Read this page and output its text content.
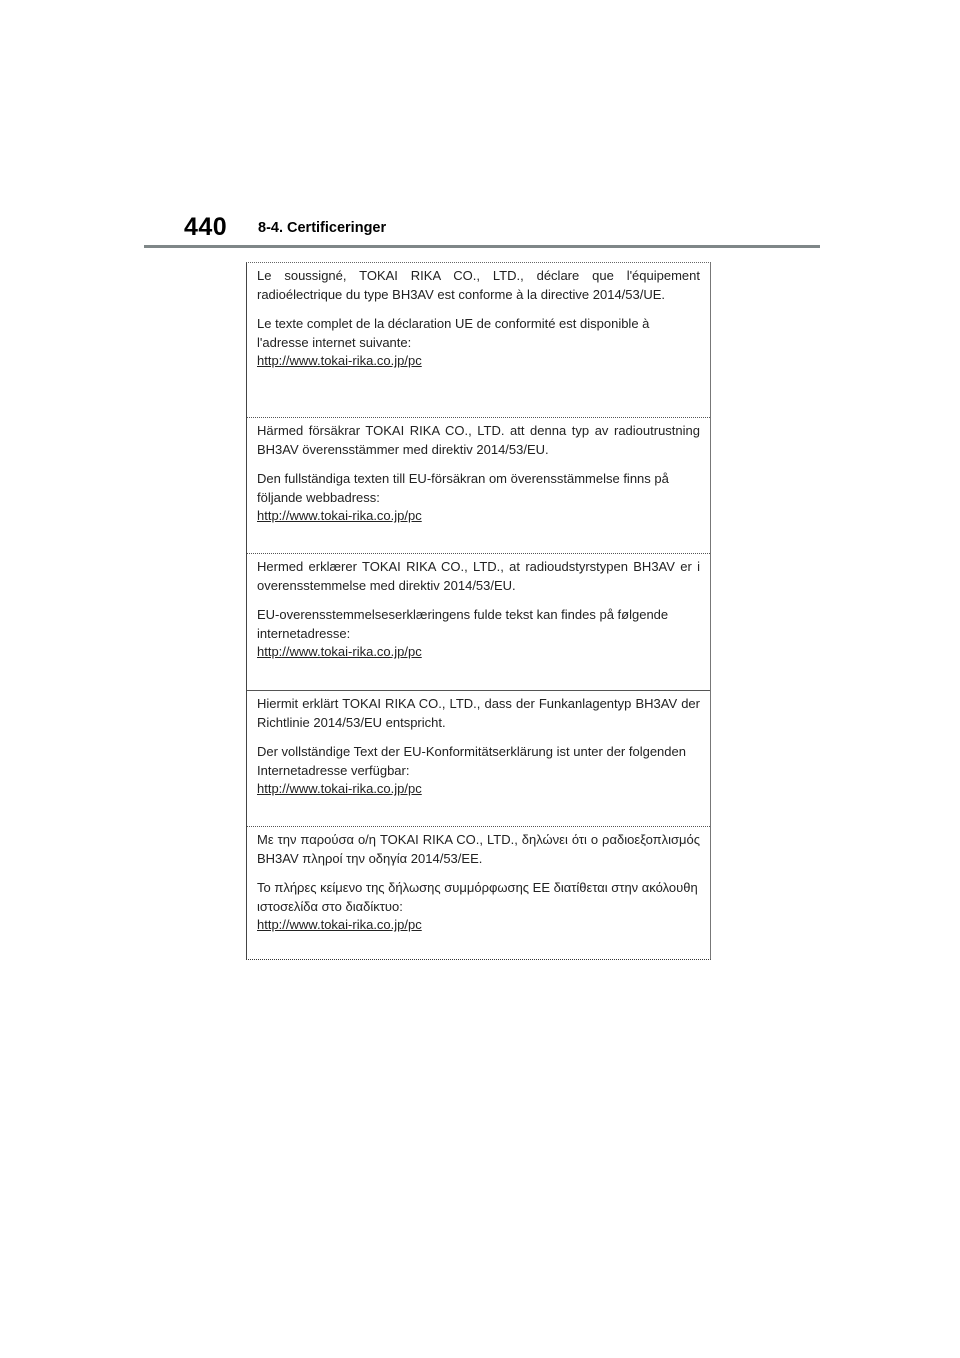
440 8-4. Certificeringer

Le soussigné, TOKAI RIKA CO., LTD., déclare que l'équipement radioélectrique du type BH3AV est conforme à la directive 2014/53/UE.

Le texte complet de la déclaration UE de conformité est disponible à l'adresse internet suivante:
http://www.tokai-rika.co.jp/pc

Härmed försäkrar TOKAI RIKA CO., LTD. att denna typ av radioutrustning BH3AV överensstämmer med direktiv 2014/53/EU.

Den fullständiga texten till EU-försäkran om överensstämmelse finns på följande webbadress:
http://www.tokai-rika.co.jp/pc

Hermed erklærer TOKAI RIKA CO., LTD., at radioudstyrstypen BH3AV er i overensstemmelse med direktiv 2014/53/EU.

EU-overensstemmelseserklæringens fulde tekst kan findes på følgende internetadresse:
http://www.tokai-rika.co.jp/pc

Hiermit erklärt TOKAI RIKA CO., LTD., dass der Funkanlagentyp BH3AV der Richtlinie 2014/53/EU entspricht.

Der vollständige Text der EU-Konformitätserklärung ist unter der folgenden Internetadresse verfügbar:
http://www.tokai-rika.co.jp/pc

Με την παρούσα ο/η TOKAI RIKA CO., LTD., δηλώνει ότι ο ραδιοεξοπλισμός BH3AV πληροί την οδηγία 2014/53/ΕΕ.

Το πλήρες κείμενο της δήλωσης συμμόρφωσης ΕΕ διατίθεται στην ακόλουθη ιστοσελίδα στο διαδίκτυο:
http://www.tokai-rika.co.jp/pc
